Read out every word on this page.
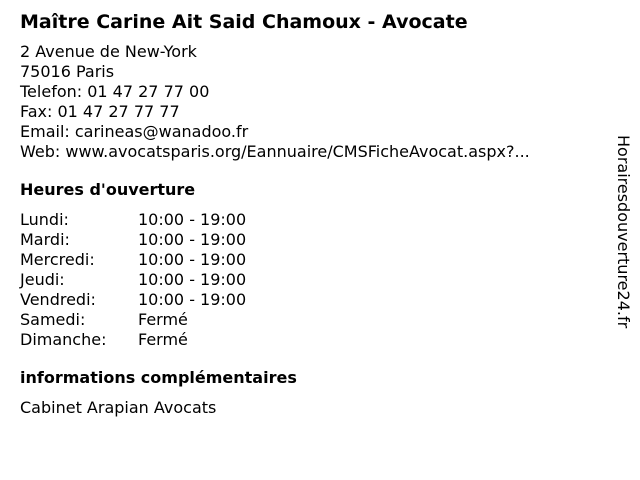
Maître Carine Ait Said Chamoux - Avocate
2 Avenue de New-York
75016 Paris
Telefon: 01 47 27 77 00
Fax: 01 47 27 77 77
Email: carineas@wanadoo.fr
Web: www.avocatsparis.org/Eannuaire/CMSFicheAvocat.aspx?...
Heures d'ouverture
Lundi:	10:00 - 19:00
Mardi:	10:00 - 19:00
Mercredi:	10:00 - 19:00
Jeudi:	10:00 - 19:00
Vendredi:	10:00 - 19:00
Samedi:	Fermé
Dimanche:	Fermé
informations complémentaires
Cabinet Arapian Avocats
Horairesdouverture24.fr
